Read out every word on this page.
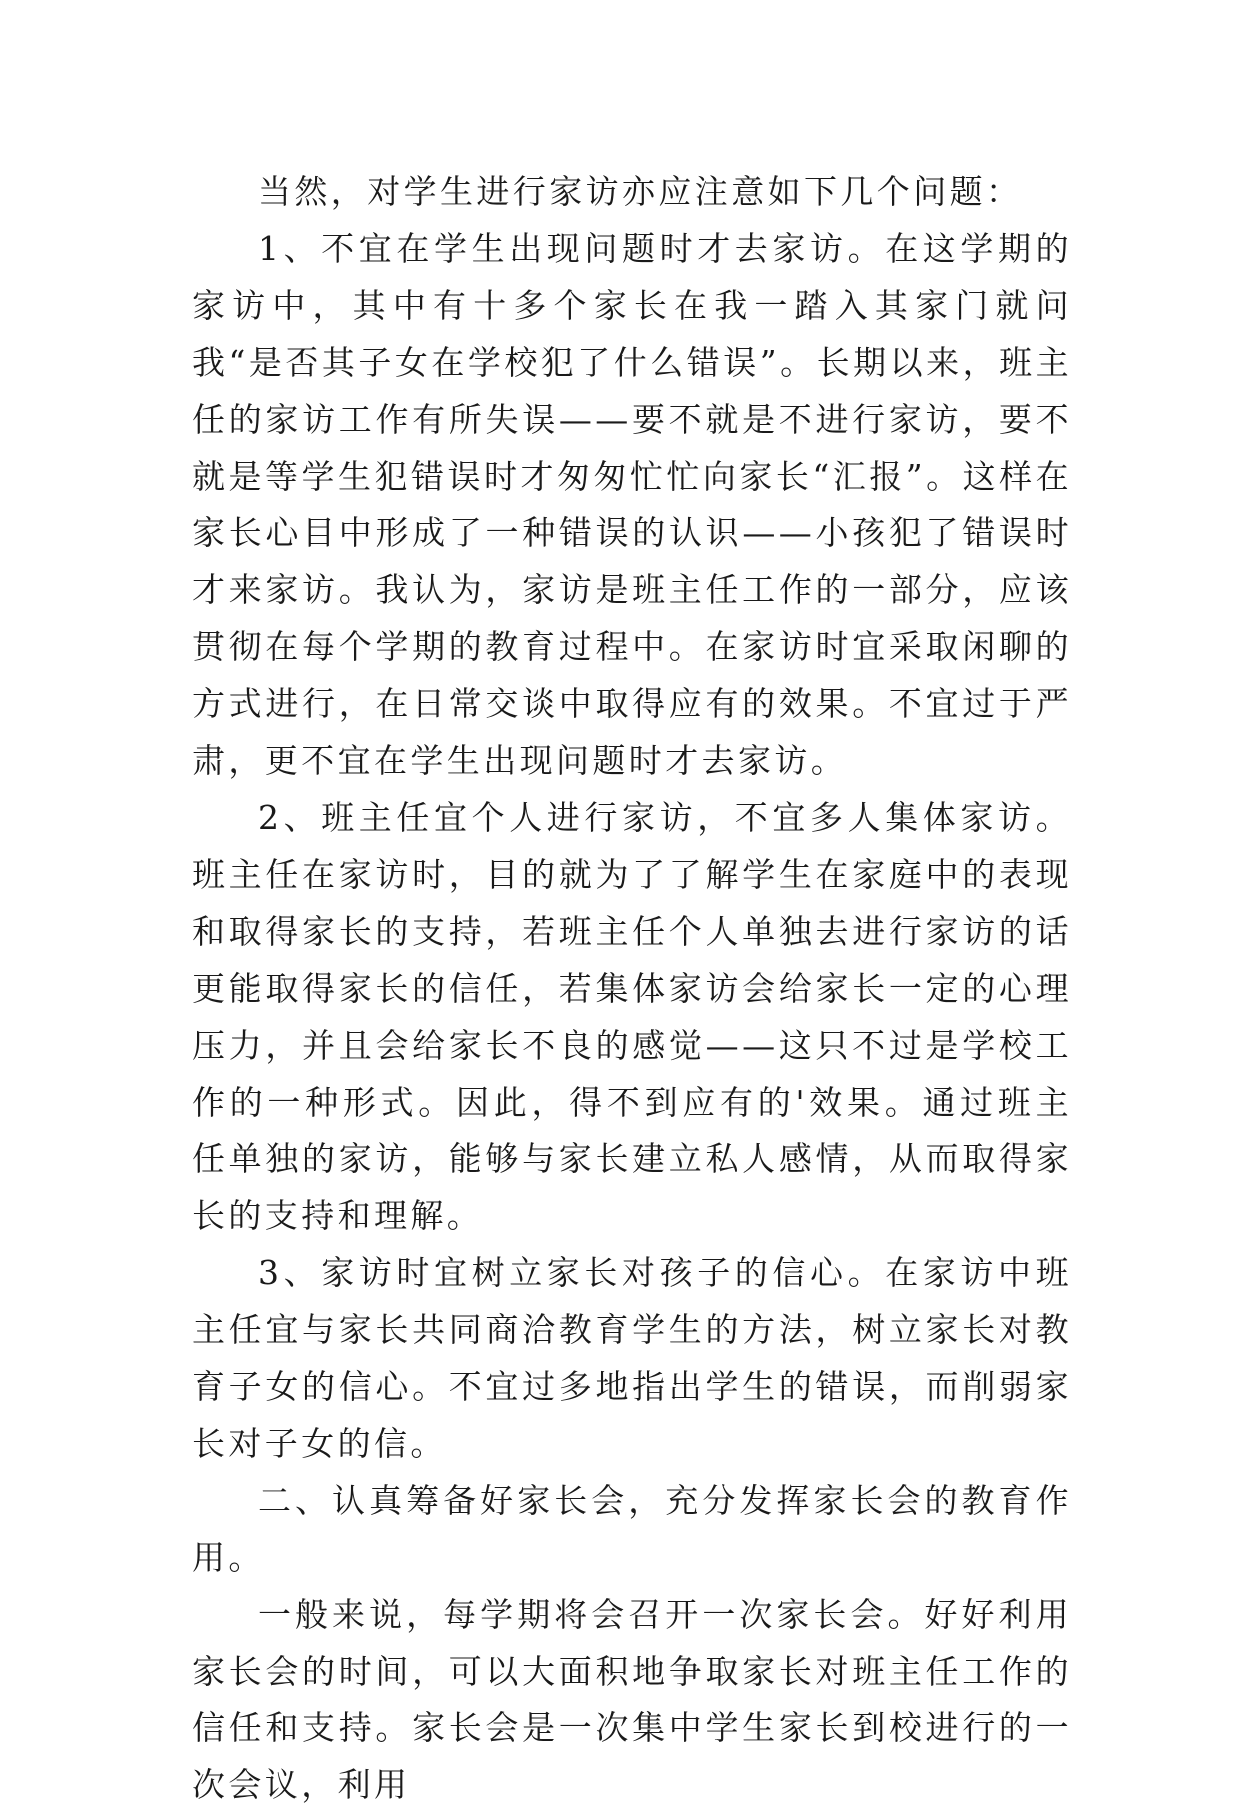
当然，对学生进行家访亦应注意如下几个问题：

1、不宜在学生出现问题时才去家访。在这学期的家访中，其中有十多个家长在我一踏入其家门就问我“是否其子女在学校犯了什么错误”。长期以来，班主任的家访工作有所失误——要不就是不进行家访，要不就是等学生犯错误时才匆匆忙忙向家长“汇报”。这样在家长心目中形成了一种错误的认识——小孩犯了错误时才来家访。我认为，家访是班主任工作的一部分，应该贯彻在每个学期的教育过程中。在家访时宜采取闲聊的方式进行，在日常交谈中取得应有的效果。不宜过于严肃，更不宜在学生出现问题时才去家访。

2、班主任宜个人进行家访，不宜多人集体家访。班主任在家访时，目的就为了了解学生在家庭中的表现和取得家长的支持，若班主任个人单独去进行家访的话更能取得家长的信任，若集体家访会给家长一定的心理压力，并且会给家长不良的感觉——这只不过是学校工作的一种形式。因此，得不到应有的'效果。通过班主任单独的家访，能够与家长建立私人感情，从而取得家长的支持和理解。

3、家访时宜树立家长对孩子的信心。在家访中班主任宜与家长共同商洽教育学生的方法，树立家长对教育子女的信心。不宜过多地指出学生的错误，而削弱家长对子女的信。

二、认真筹备好家长会，充分发挥家长会的教育作用。

一般来说，每学期将会召开一次家长会。好好利用家长会的时间，可以大面积地争取家长对班主任工作的信任和支持。家长会是一次集中学生家长到校进行的一次会议，利用
